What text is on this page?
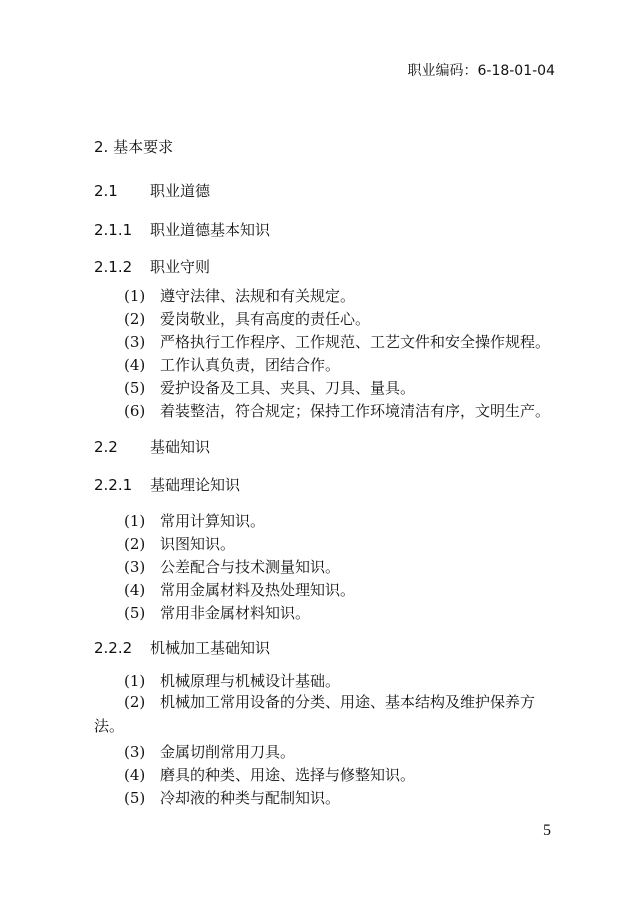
职业编码：6-18-01-04
2. 基本要求
2.1 职业道德
2.1.1 职业道德基本知识
2.1.2 职业守则
(1) 遵守法律、法规和有关规定。
(2) 爱岗敬业，具有高度的责任心。
(3) 严格执行工作程序、工作规范、工艺文件和安全操作规程。
(4) 工作认真负责，团结合作。
(5) 爱护设备及工具、夹具、刀具、量具。
(6) 着装整洁，符合规定；保持工作环境清洁有序，文明生产。
2.2 基础知识
2.2.1 基础理论知识
(1) 常用计算知识。
(2) 识图知识。
(3) 公差配合与技术测量知识。
(4) 常用金属材料及热处理知识。
(5) 常用非金属材料知识。
2.2.2 机械加工基础知识
(1) 机械原理与机械设计基础。
(2) 机械加工常用设备的分类、用途、基本结构及维护保养方法。
(3) 金属切削常用刀具。
(4) 磨具的种类、用途、选择与修整知识。
(5) 冷却液的种类与配制知识。
5
